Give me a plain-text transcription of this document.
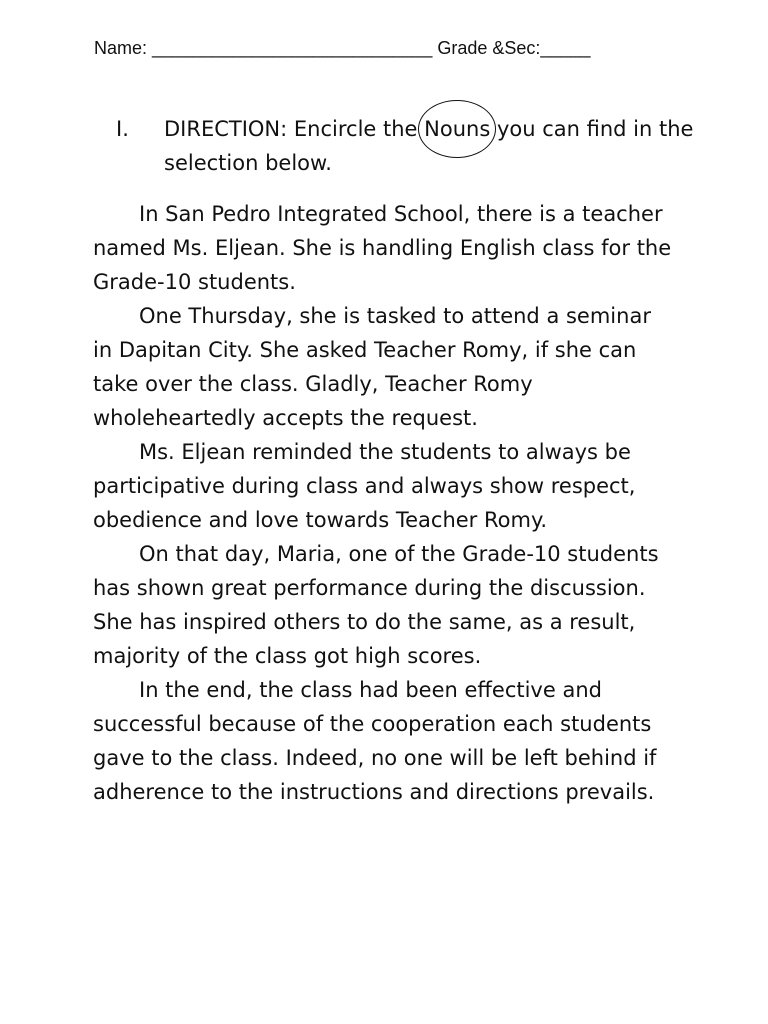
Name: ____________________________ Grade &Sec:_____
I. DIRECTION: Encircle the Nouns you can find in the selection below.

In San Pedro Integrated School, there is a teacher named Ms. Eljean. She is handling English class for the Grade-10 students.

One Thursday, she is tasked to attend a seminar in Dapitan City. She asked Teacher Romy, if she can take over the class. Gladly, Teacher Romy wholeheartedly accepts the request.

Ms. Eljean reminded the students to always be participative during class and always show respect, obedience and love towards Teacher Romy.

On that day, Maria, one of the Grade-10 students has shown great performance during the discussion. She has inspired others to do the same, as a result, majority of the class got high scores.

In the end, the class had been effective and successful because of the cooperation each students gave to the class. Indeed, no one will be left behind if adherence to the instructions and directions prevails.
